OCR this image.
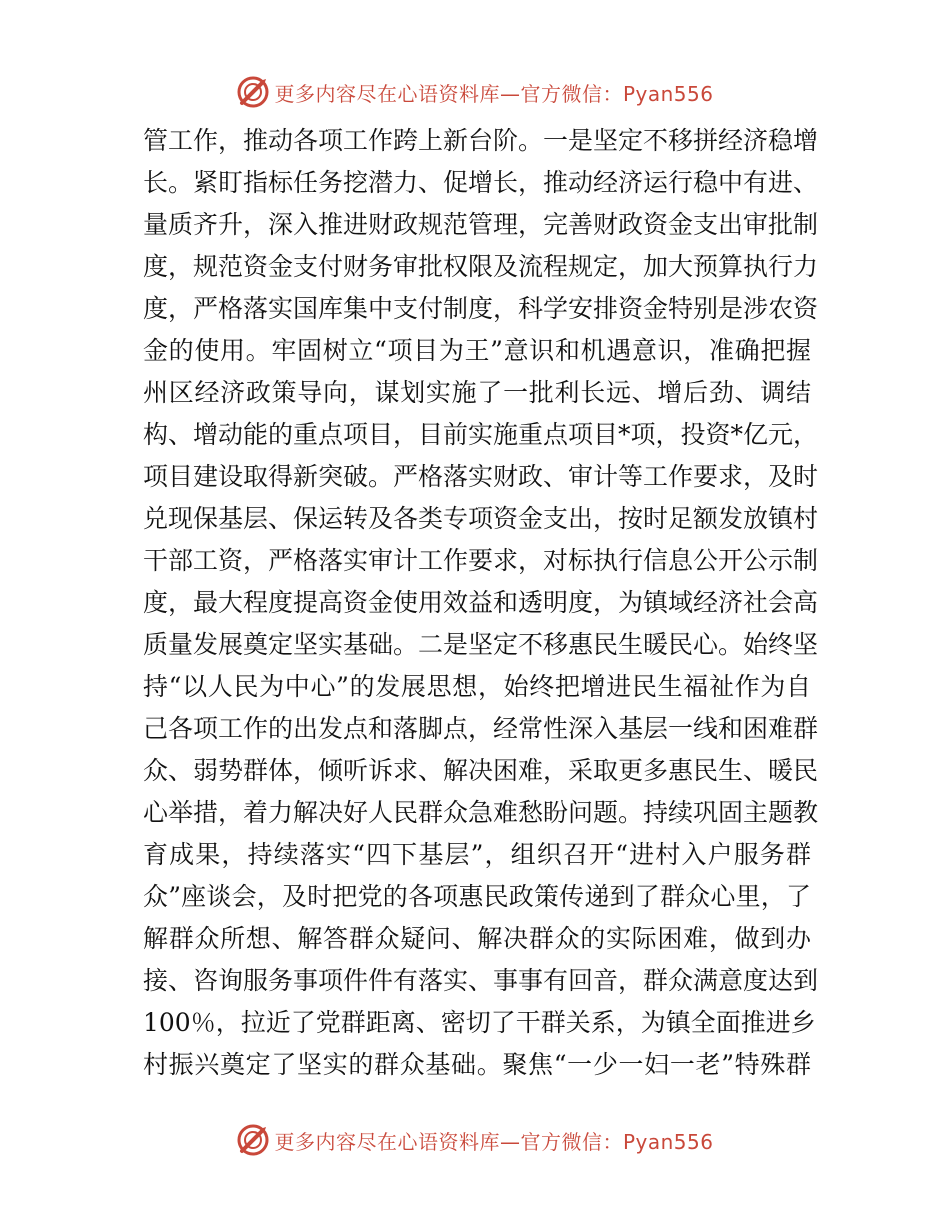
更多内容尽在心语资料库—官方微信：Pyan556
管工作，推动各项工作跨上新台阶。一是坚定不移拼经济稳增
长。紧盯指标任务挖潜力、促增长，推动经济运行稳中有进、
量质齐升，深入推进财政规范管理，完善财政资金支出审批制
度，规范资金支付财务审批权限及流程规定，加大预算执行力
度，严格落实国库集中支付制度，科学安排资金特别是涉农资
金的使用。牢固树立“项目为王”意识和机遇意识，准确把握
州区经济政策导向，谋划实施了一批利长远、增后劲、调结
构、增动能的重点项目，目前实施重点项目*项，投资*亿元，
项目建设取得新突破。严格落实财政、审计等工作要求，及时
兑现保基层、保运转及各类专项资金支出，按时足额发放镇村
干部工资，严格落实审计工作要求，对标执行信息公开公示制
度，最大程度提高资金使用效益和透明度，为镇域经济社会高
质量发展奠定坚实基础。二是坚定不移惠民生暖民心。始终坚
持“以人民为中心”的发展思想，始终把增进民生福祉作为自
己各项工作的出发点和落脚点，经常性深入基层一线和困难群
众、弱势群体，倾听诉求、解决困难，采取更多惠民生、暖民
心举措，着力解决好人民群众急难愁盼问题。持续巩固主题教
育成果，持续落实“四下基层”，组织召开“进村入户服务群
众”座谈会，及时把党的各项惠民政策传递到了群众心里，了
解群众所想、解答群众疑问、解决群众的实际困难，做到办
接、咨询服务事项件件有落实、事事有回音，群众满意度达到
100％，拉近了党群距离、密切了干群关系，为镇全面推进乡
村振兴奠定了坚实的群众基础。聚焦“一少一妇一老”特殊群
更多内容尽在心语资料库—官方微信：Pyan556
